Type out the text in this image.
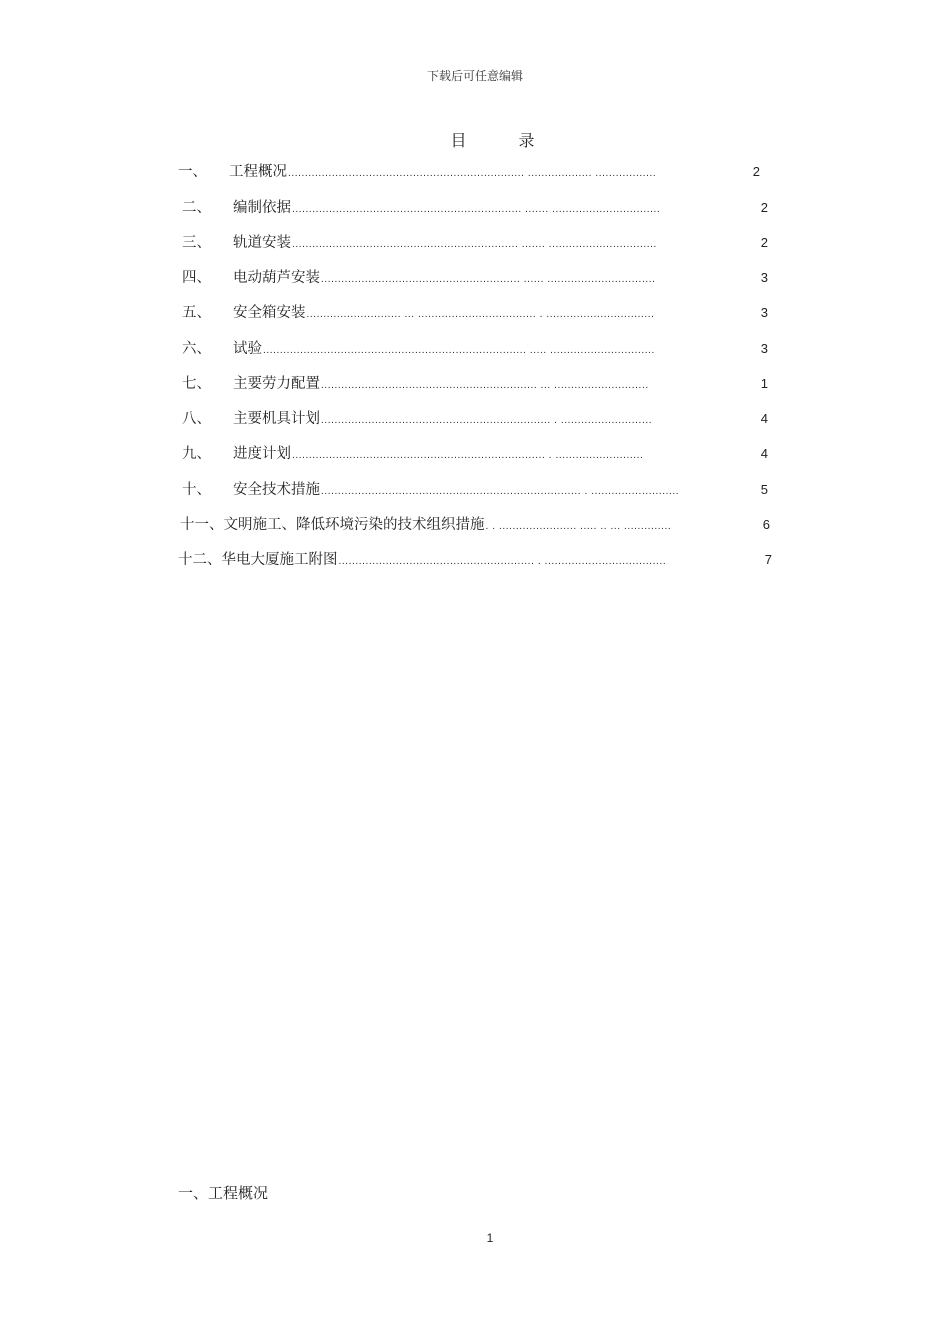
下载后可任意编辑
目	录
一、	工程概况 ...................................................................... ................... ..................	2
二、	编制依据 .................................................................... ....... ................................	2
三、	轨道安装 ................................................................... ....... ................................	2
四、	电动葫芦安装 ........................................................... ...... ................................	3
五、	安全箱安装 ............................ ... ................................... . ................................	3
六、	试验 .............................................................................. ..... ...............................	3
七、	主要劳力配置 ................................................................ ... ............................	1
八、	主要机具计划 .................................................................... . ...........................	4
九、	进度计划 ........................................................................... . ..........................	4
十、	安全技术措施 ............................................................................. . ..........................	5
十一、 文明施工、降低环境污染的技术组织措施 . . ....................... ..... .. ... ..............	6
十二、 华电大厦施工附图 .......................................................... . ....................................	7
一、工程概况
1
